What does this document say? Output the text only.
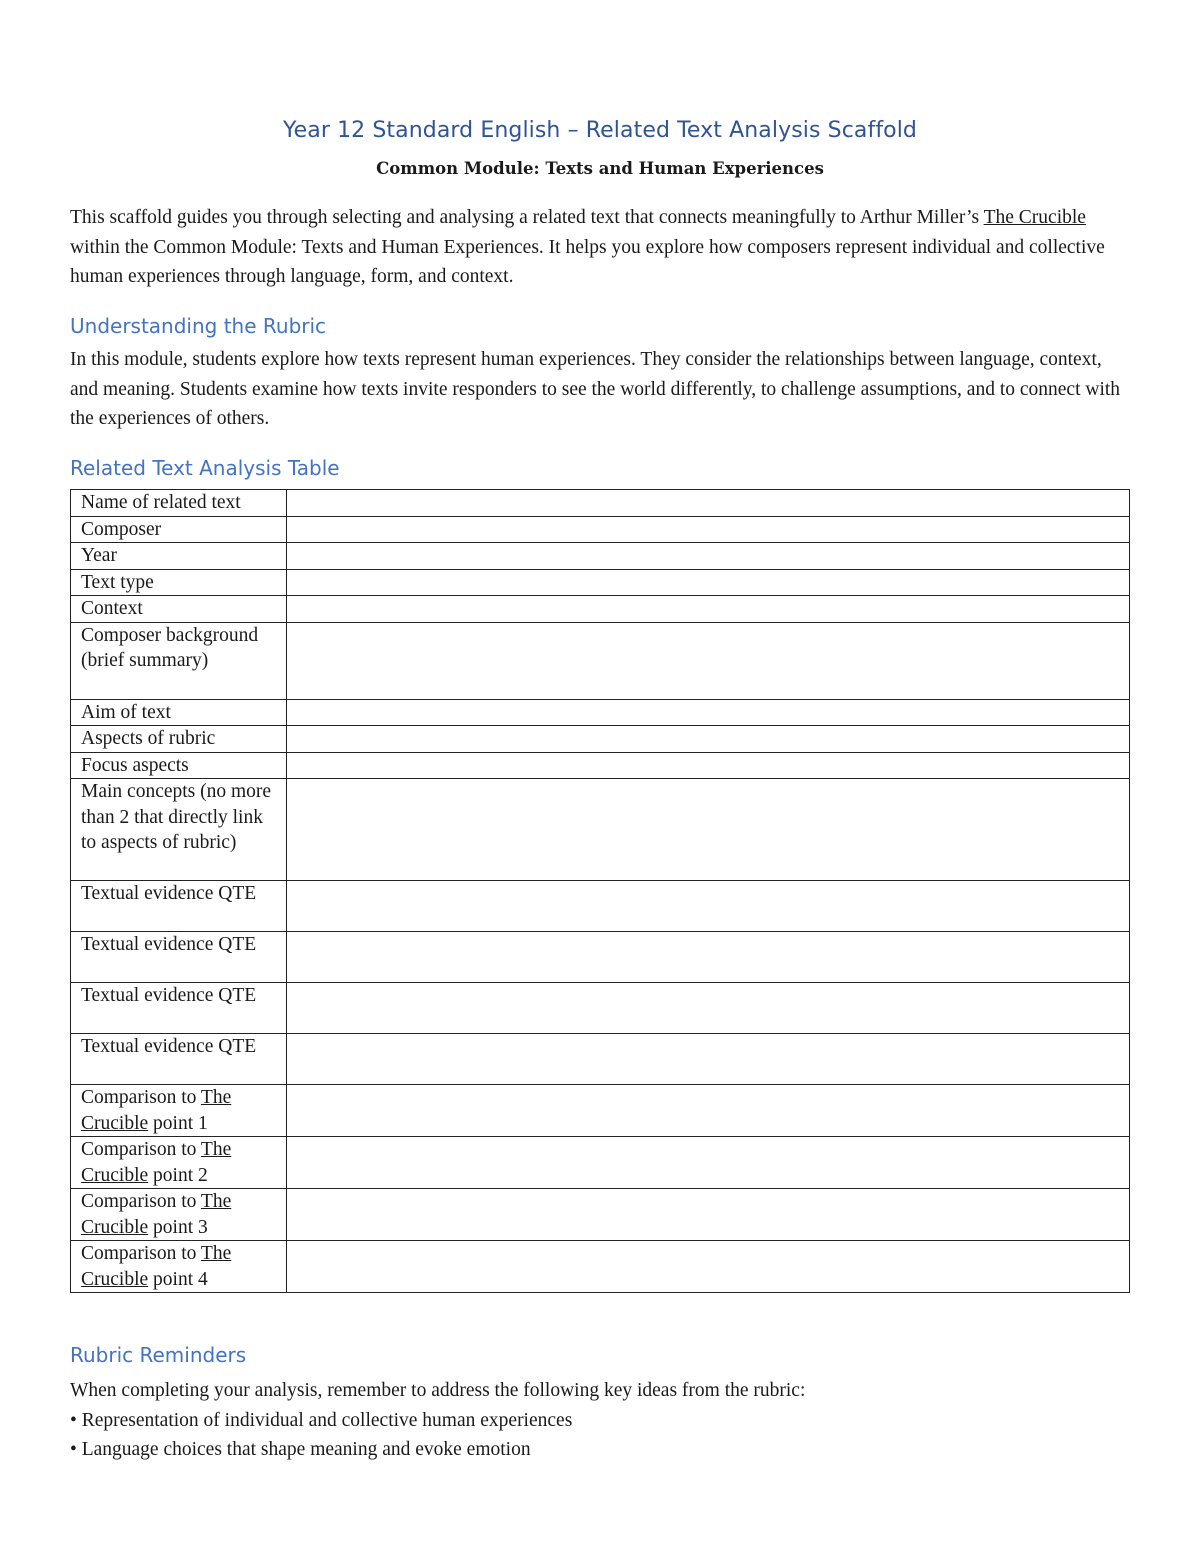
Year 12 Standard English – Related Text Analysis Scaffold
Common Module: Texts and Human Experiences
This scaffold guides you through selecting and analysing a related text that connects meaningfully to Arthur Miller’s The Crucible within the Common Module: Texts and Human Experiences. It helps you explore how composers represent individual and collective human experiences through language, form, and context.
Understanding the Rubric
In this module, students explore how texts represent human experiences. They consider the relationships between language, context, and meaning. Students examine how texts invite responders to see the world differently, to challenge assumptions, and to connect with the experiences of others.
Related Text Analysis Table
Name of related text	
Composer	
Year	
Text type	
Context	
Composer background (brief summary)	
Aim of text	
Aspects of rubric	
Focus aspects	
Main concepts (no more than 2 that directly link to aspects of rubric)	
Textual evidence QTE	
Textual evidence QTE	
Textual evidence QTE	
Textual evidence QTE	
Comparison to The Crucible point 1	
Comparison to The Crucible point 2	
Comparison to The Crucible point 3	
Comparison to The Crucible point 4	
Rubric Reminders
When completing your analysis, remember to address the following key ideas from the rubric:
• Representation of individual and collective human experiences
• Language choices that shape meaning and evoke emotion
